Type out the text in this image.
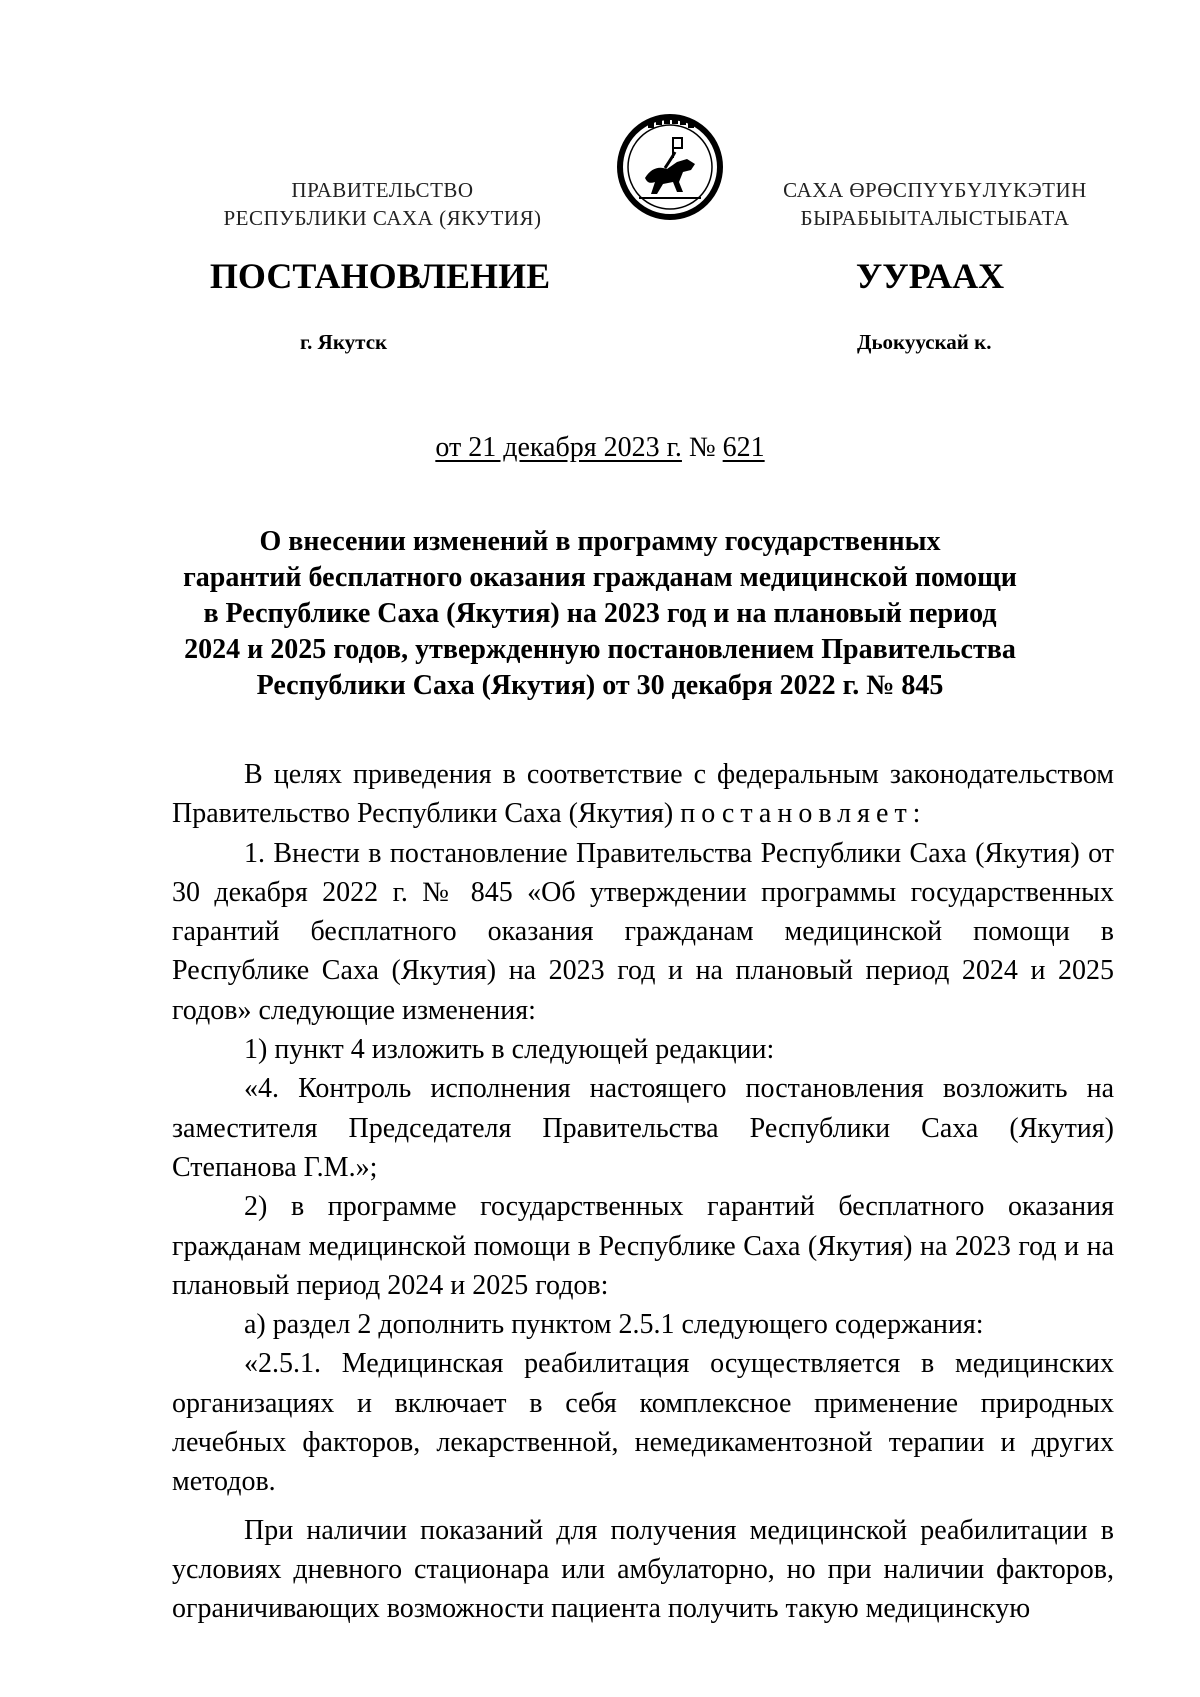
ПРАВИТЕЛЬСТВО
РЕСПУБЛИКИ САХА (ЯКУТИЯ)
САХА ӨРӨСПYYБYЛYКЭТИН
БЫРАБЫЫТАЛЫСТЫБАТА
ПОСТАНОВЛЕНИЕ	УУРААХ
г. Якутск	Дьокуускай к.
от 21 декабря 2023 г. № 621
О внесении изменений в программу государственных
гарантий бесплатного оказания гражданам медицинской помощи
в Республике Саха (Якутия) на 2023 год и на плановый период
2024 и 2025 годов, утвержденную постановлением Правительства
Республики Саха (Якутия) от 30 декабря 2022 г. № 845

В целях приведения в соответствие с федеральным законодательством Правительство Республики Саха (Якутия) постановляет:

1. Внести в постановление Правительства Республики Саха (Якутия) от 30 декабря 2022 г. № 845 «Об утверждении программы государственных гарантий бесплатного оказания гражданам медицинской помощи в Республике Саха (Якутия) на 2023 год и на плановый период 2024 и 2025 годов» следующие изменения:

1) пункт 4 изложить в следующей редакции:

«4. Контроль исполнения настоящего постановления возложить на заместителя Председателя Правительства Республики Саха (Якутия) Степанова Г.М.»;

2) в программе государственных гарантий бесплатного оказания гражданам медицинской помощи в Республике Саха (Якутия) на 2023 год и на плановый период 2024 и 2025 годов:

а) раздел 2 дополнить пунктом 2.5.1 следующего содержания:

«2.5.1. Медицинская реабилитация осуществляется в медицинских организациях и включает в себя комплексное применение природных лечебных факторов, лекарственной, немедикаментозной терапии и других методов.

При наличии показаний для получения медицинской реабилитации в условиях дневного стационара или амбулаторно, но при наличии факторов, ограничивающих возможности пациента получить такую медицинскую
